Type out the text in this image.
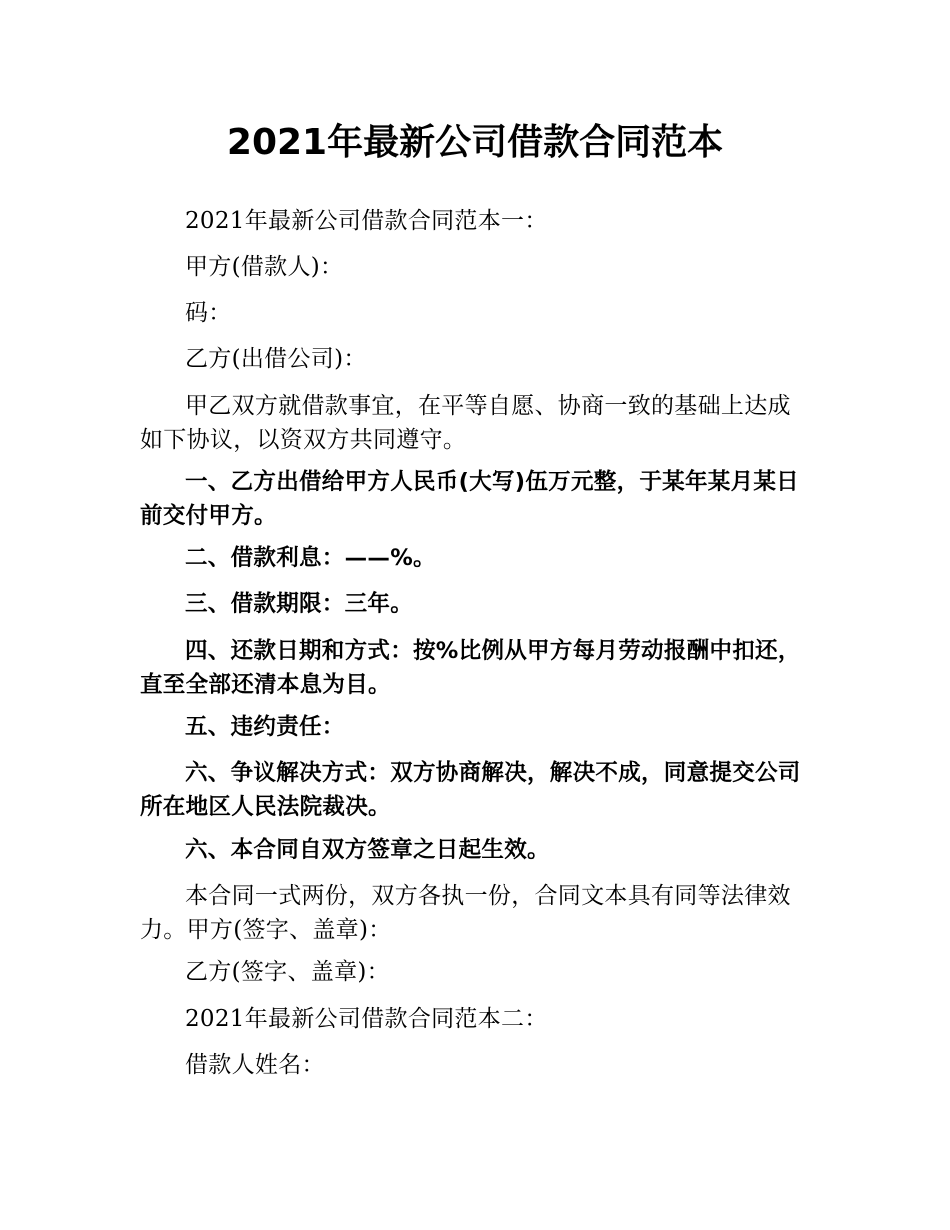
2021年最新公司借款合同范本

2021年最新公司借款合同范本一：

甲方(借款人)：

码：

乙方(出借公司)：

甲乙双方就借款事宜，在平等自愿、协商一致的基础上达成如下协议，以资双方共同遵守。

一、乙方出借给甲方人民币(大写)伍万元整，于某年某月某日前交付甲方。

二、借款利息：——%。

三、借款期限：三年。

四、还款日期和方式：按%比例从甲方每月劳动报酬中扣还，直至全部还清本息为目。

五、违约责任：

六、争议解决方式：双方协商解决，解决不成，同意提交公司所在地区人民法院裁决。

六、本合同自双方签章之日起生效。

本合同一式两份，双方各执一份，合同文本具有同等法律效力。甲方(签字、盖章)：

乙方(签字、盖章)：

2021年最新公司借款合同范本二：

借款人姓名：
